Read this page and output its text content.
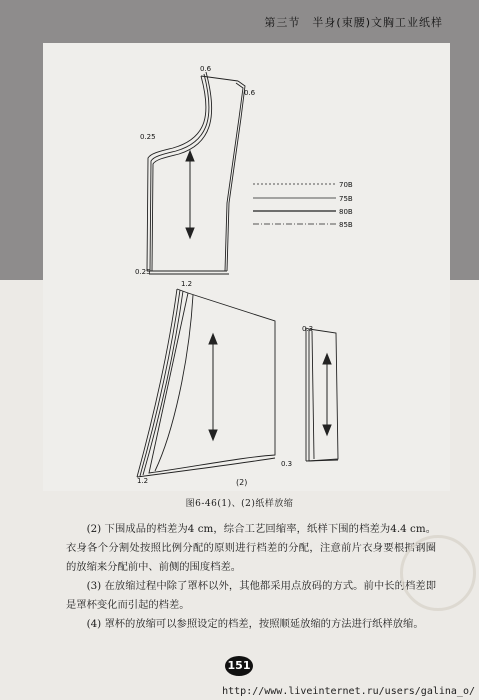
第三节　半身(束腰)文胸工业纸样
0.6
0.6
0.25
0.25
70B
75B
80B
85B
1.2
1.2
0.3
0.3
(2)
图6-46(1)、(2)纸样放缩

(2) 下围成品的档差为4 cm，综合工艺回缩率，纸样下围的档差为4.4 cm。衣身各个分割处按照比例分配的原则进行档差的分配，注意前片衣身要根据钢圈的放缩来分配前中、前侧的围度档差。

(3) 在放缩过程中除了罩杯以外，其他都采用点放码的方式。前中长的档差即是罩杯变化而引起的档差。

(4) 罩杯的放缩可以参照设定的档差，按照顺延放缩的方法进行纸样放缩。

151
http://www.liveinternet.ru/users/galina_o/
